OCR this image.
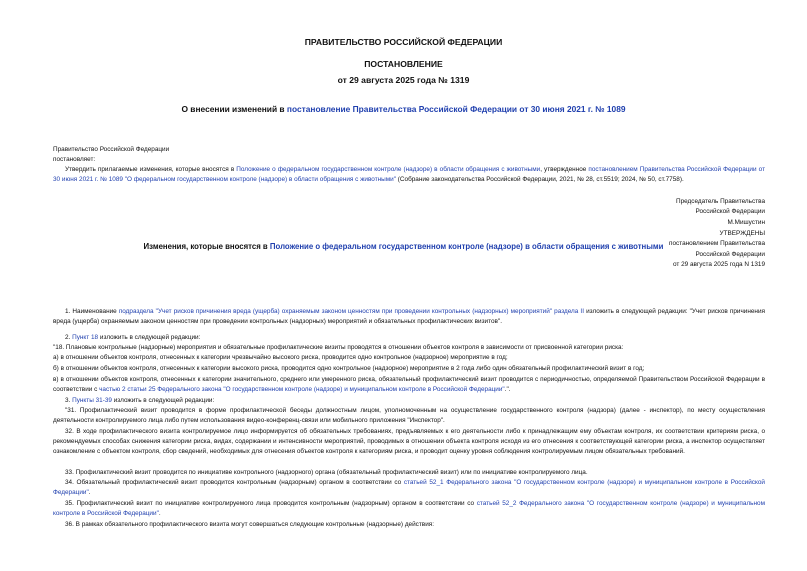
ПРАВИТЕЛЬСТВО РОССИЙСКОЙ ФЕДЕРАЦИИ
ПОСТАНОВЛЕНИЕ
от 29 августа 2025 года № 1319
О внесении изменений в постановление Правительства Российской Федерации от 30 июня 2021 г. № 1089
Правительство Российской Федерации
постановляет:
Утвердить прилагаемые изменения, которые вносятся в Положение о федеральном государственном контроле (надзоре) в области обращения с животными, утвержденное постановлением Правительства Российской Федерации от 30 июня 2021 г. № 1089 "О федеральном государственном контроле (надзоре) в области обращения с животными" (Собрание законодательства Российской Федерации, 2021, № 28, ст.5519; 2024, № 50, ст.7758).
Председатель Правительства
Российской Федерации
М.Мишустин
УТВЕРЖДЕНЫ
постановлением Правительства
Российской Федерации
от 29 августа 2025 года N 1319
Изменения, которые вносятся в Положение о федеральном государственном контроле (надзоре) в области обращения с животными
1. Наименование подраздела "Учет рисков причинения вреда (ущерба) охраняемым законом ценностям при проведении контрольных (надзорных) мероприятий" раздела II изложить в следующей редакции: "Учет рисков причинения вреда (ущерба) охраняемым законом ценностям при проведении контрольных (надзорных) мероприятий и обязательных профилактических визитов".
2. Пункт 18 изложить в следующей редакции:
"18. Плановые контрольные (надзорные) мероприятия и обязательные профилактические визиты проводятся в отношении объектов контроля в зависимости от присвоенной категории риска:
а) в отношении объектов контроля, отнесенных к категории чрезвычайно высокого риска, проводится одно контрольное (надзорное) мероприятие в год;
б) в отношении объектов контроля, отнесенных к категории высокого риска, проводится одно контрольное (надзорное) мероприятие в 2 года либо один обязательный профилактический визит в год;
в) в отношении объектов контроля, отнесенных к категории значительного, среднего или умеренного риска, обязательный профилактический визит проводится с периодичностью, определяемой Правительством Российской Федерации в соответствии с частью 2 статьи 25 Федерального закона "О государственном контроле (надзоре) и муниципальном контроле в Российской Федерации".".
3. Пункты 31-39 изложить в следующей редакции:
"31. Профилактический визит проводится в форме профилактической беседы должностным лицом, уполномоченным на осуществление государственного контроля (надзора) (далее - инспектор), по месту осуществления деятельности контролируемого лица либо путем использования видео-конференц-связи или мобильного приложения "Инспектор".
32. В ходе профилактического визита контролируемое лицо информируется об обязательных требованиях, предъявляемых к его деятельности либо к принадлежащим ему объектам контроля, их соответствии критериям риска, о рекомендуемых способах снижения категории риска, видах, содержании и интенсивности мероприятий, проводимых в отношении объекта контроля исходя из его отнесения к соответствующей категории риска, а инспектор осуществляет ознакомление с объектом контроля, сбор сведений, необходимых для отнесения объектов контроля к категориям риска, и проводит оценку уровня соблюдения контролируемым лицом обязательных требований.
33. Профилактический визит проводится по инициативе контрольного (надзорного) органа (обязательный профилактический визит) или по инициативе контролируемого лица.
34. Обязательный профилактический визит проводится контрольным (надзорным) органом в соответствии со статьей 52_1 Федерального закона "О государственном контроле (надзоре) и муниципальном контроле в Российской Федерации".
35. Профилактический визит по инициативе контролируемого лица проводится контрольным (надзорным) органом в соответствии со статьей 52_2 Федерального закона "О государственном контроле (надзоре) и муниципальном контроле в Российской Федерации".
36. В рамках обязательного профилактического визита могут совершаться следующие контрольные (надзорные) действия:
